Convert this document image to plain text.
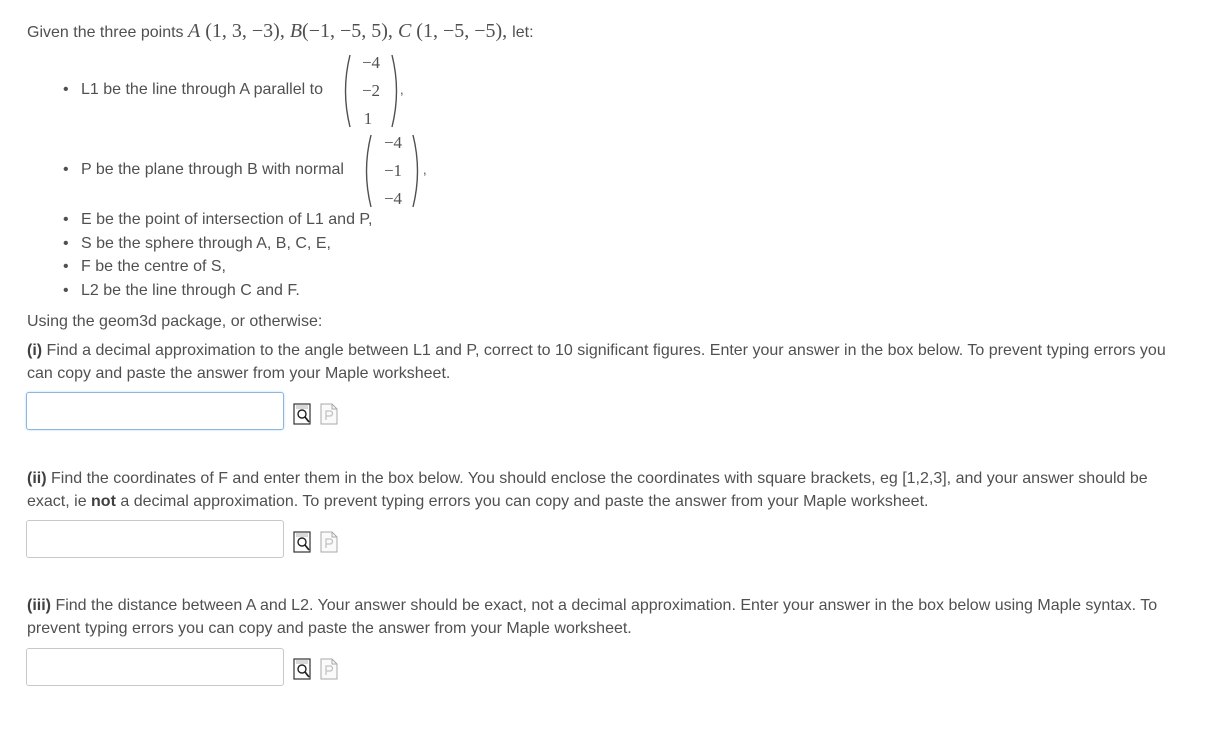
Given the three points A (1, 3, −3), B(−1, −5, 5), C (1, −5, −5), let:
• L1 be the line through A parallel to
−4
−2
1
,
• P be the plane through B with normal
−4
−1
−4
,
• E be the point of intersection of L1 and P,
• S be the sphere through A, B, C, E,
• F be the centre of S,
• L2 be the line through C and F.
Using the geom3d package, or otherwise:
(i) Find a decimal approximation to the angle between L1 and P, correct to 10 significant figures. Enter your answer in the box below. To prevent typing errors you can copy and paste the answer from your Maple worksheet.
(ii) Find the coordinates of F and enter them in the box below. You should enclose the coordinates with square brackets, eg [1,2,3], and your answer should be exact, ie not a decimal approximation. To prevent typing errors you can copy and paste the answer from your Maple worksheet.
(iii) Find the distance between A and L2. Your answer should be exact, not a decimal approximation. Enter your answer in the box below using Maple syntax. To prevent typing errors you can copy and paste the answer from your Maple worksheet.
